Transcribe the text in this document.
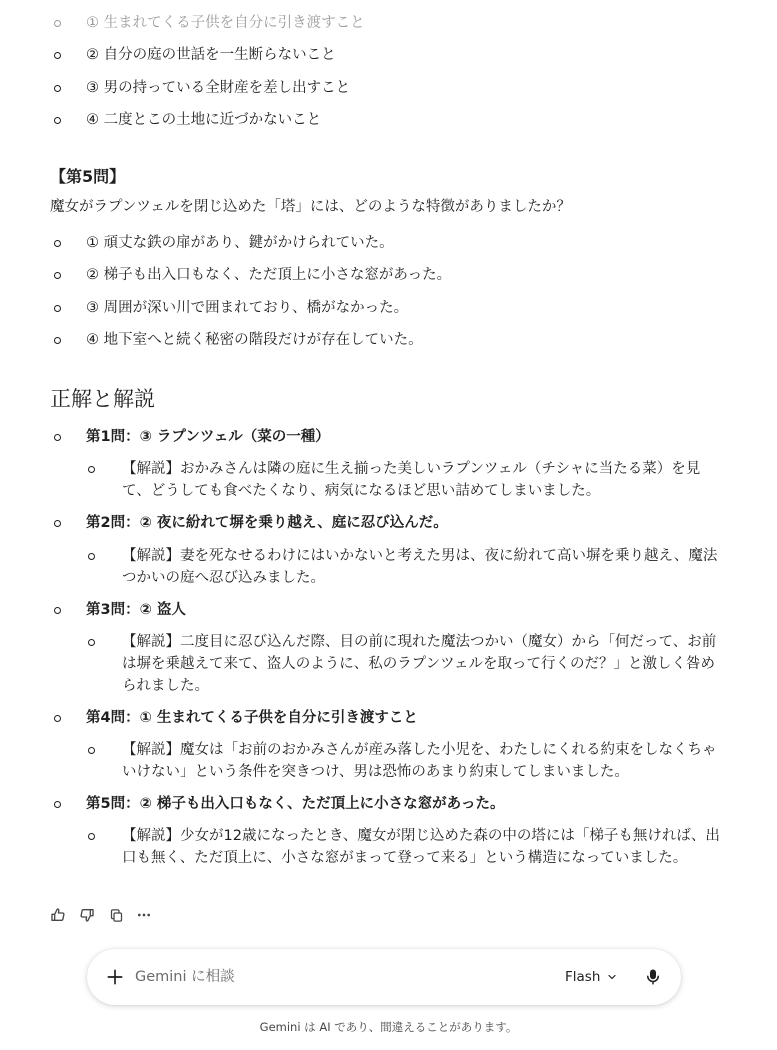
① 生まれてくる子供を自分に引き渡すこと
② 自分の庭の世話を一生断らないこと
③ 男の持っている全財産を差し出すこと
④ 二度とこの土地に近づかないこと
【第5問】
魔女がラプンツェルを閉じ込めた「塔」には、どのような特徴がありましたか？
① 頑丈な鉄の扉があり、鍵がかけられていた。
② 梯子も出入口もなく、ただ頂上に小さな窓があった。
③ 周囲が深い川で囲まれており、橋がなかった。
④ 地下室へと続く秘密の階段だけが存在していた。
正解と解説
第1問：③ ラプンツェル（菜の一種）
【解説】おかみさんは隣の庭に生え揃った美しいラプンツェル（チシャに当たる菜）を見て、どうしても食べたくなり、病気になるほど思い詰めてしまいました。
第2問：② 夜に紛れて塀を乗り越え、庭に忍び込んだ。
【解説】妻を死なせるわけにはいかないと考えた男は、夜に紛れて高い塀を乗り越え、魔法つかいの庭へ忍び込みました。
第3問：② 盗人
【解説】二度目に忍び込んだ際、目の前に現れた魔法つかい（魔女）から「何だって、お前は塀を乗越えて来て、盗人のように、私のラプンツェルを取って行くのだ？」と激しく咎められました。
第4問：① 生まれてくる子供を自分に引き渡すこと
【解説】魔女は「お前のおかみさんが産み落した小児を、わたしにくれる約束をしなくちゃいけない」という条件を突きつけ、男は恐怖のあまり約束してしまいました。
第5問：② 梯子も出入口もなく、ただ頂上に小さな窓があった。
【解説】少女が12歳になったとき、魔女が閉じ込めた森の中の塔には「梯子も無ければ、出口も無く、ただ頂上に、小さな窓がまって登って来る」という構造になっていました。
Gemini に相談
Flash
Gemini は AI であり、間違えることがあります。
